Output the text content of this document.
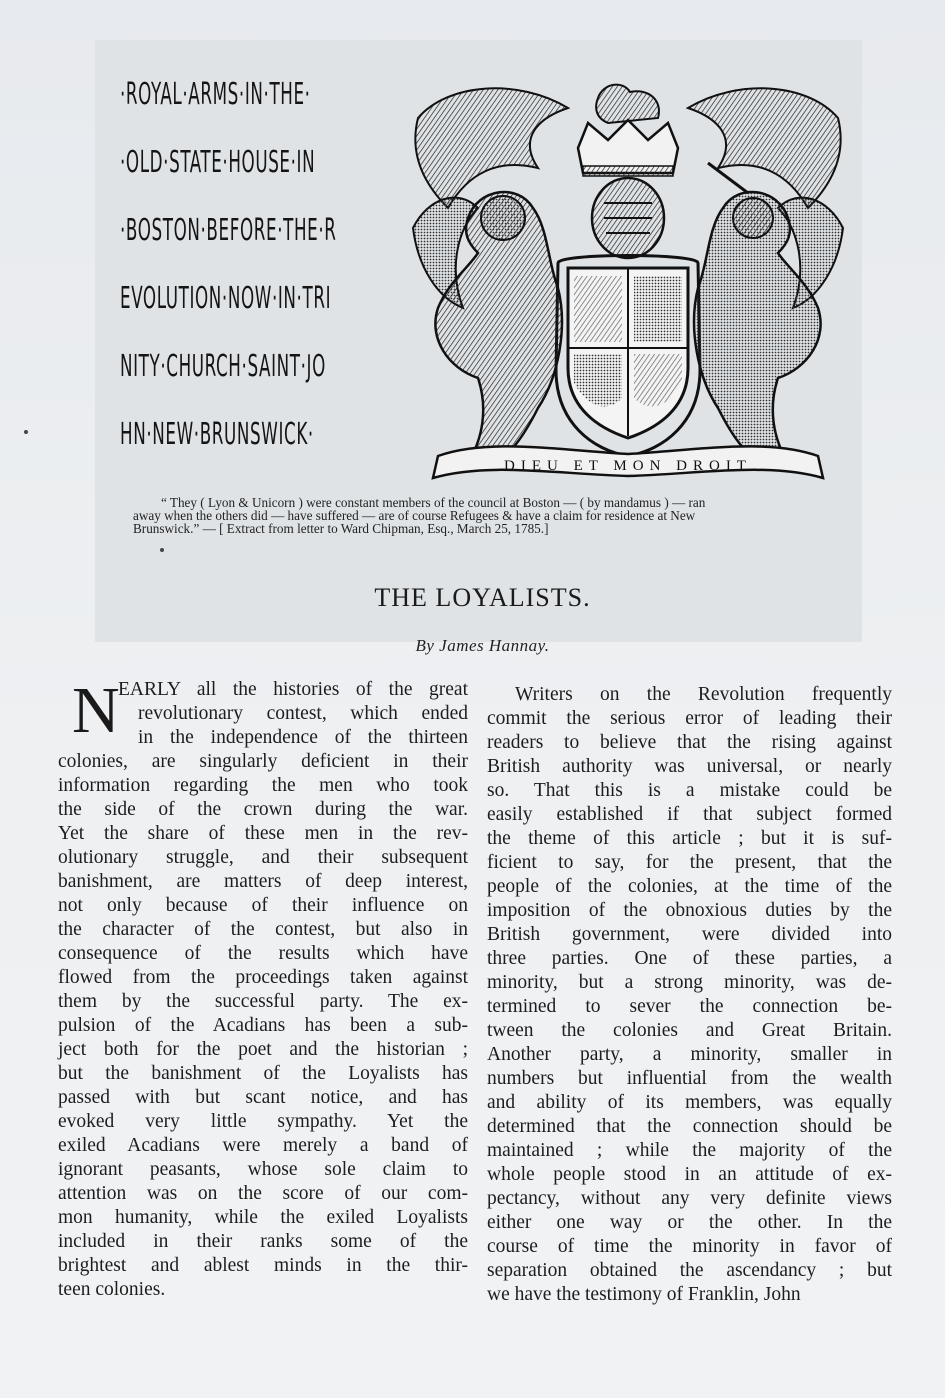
·ROYAL·ARMS·IN·THE·
·OLD·STATE·HOUSE·IN
·BOSTON·BEFORE·THE·R
EVOLUTION·NOW·IN·TRI
NITY·CHURCH·SAINT·JO
HN·NEW·BRUNSWICK·
DIEU ET MON DROIT
“ They ( Lyon & Unicorn ) were constant members of the council at Boston — ( by mandamus ) — ran
away when the others did — have suffered — are of course Refugees & have a claim for residence at New
Brunswick.” — [ Extract from letter to Ward Chipman, Esq., March 25, 1785.]
THE LOYALISTS.
By James Hannay.
N
EARLY all the histories of the great
revolutionary contest, which ended
in the independence of the thirteen
colonies, are singularly deficient in their
information regarding the men who took
the side of the crown during the war.
Yet the share of these men in the rev-
olutionary struggle, and their subsequent
banishment, are matters of deep interest,
not only because of their influence on
the character of the contest, but also in
consequence of the results which have
flowed from the proceedings taken against
them by the successful party. The ex-
pulsion of the Acadians has been a sub-
ject both for the poet and the historian ;
but the banishment of the Loyalists has
passed with but scant notice, and has
evoked very little sympathy. Yet the
exiled Acadians were merely a band of
ignorant peasants, whose sole claim to
attention was on the score of our com-
mon humanity, while the exiled Loyalists
included in their ranks some of the
brightest and ablest minds in the thir-
teen colonies.
Writers on the Revolution frequently
commit the serious error of leading their
readers to believe that the rising against
British authority was universal, or nearly
so. That this is a mistake could be
easily established if that subject formed
the theme of this article ; but it is suf-
ficient to say, for the present, that the
people of the colonies, at the time of the
imposition of the obnoxious duties by the
British government, were divided into
three parties. One of these parties, a
minority, but a strong minority, was de-
termined to sever the connection be-
tween the colonies and Great Britain.
Another party, a minority, smaller in
numbers but influential from the wealth
and ability of its members, was equally
determined that the connection should be
maintained ; while the majority of the
whole people stood in an attitude of ex-
pectancy, without any very definite views
either one way or the other. In the
course of time the minority in favor of
separation obtained the ascendancy ; but
we have the testimony of Franklin, John
